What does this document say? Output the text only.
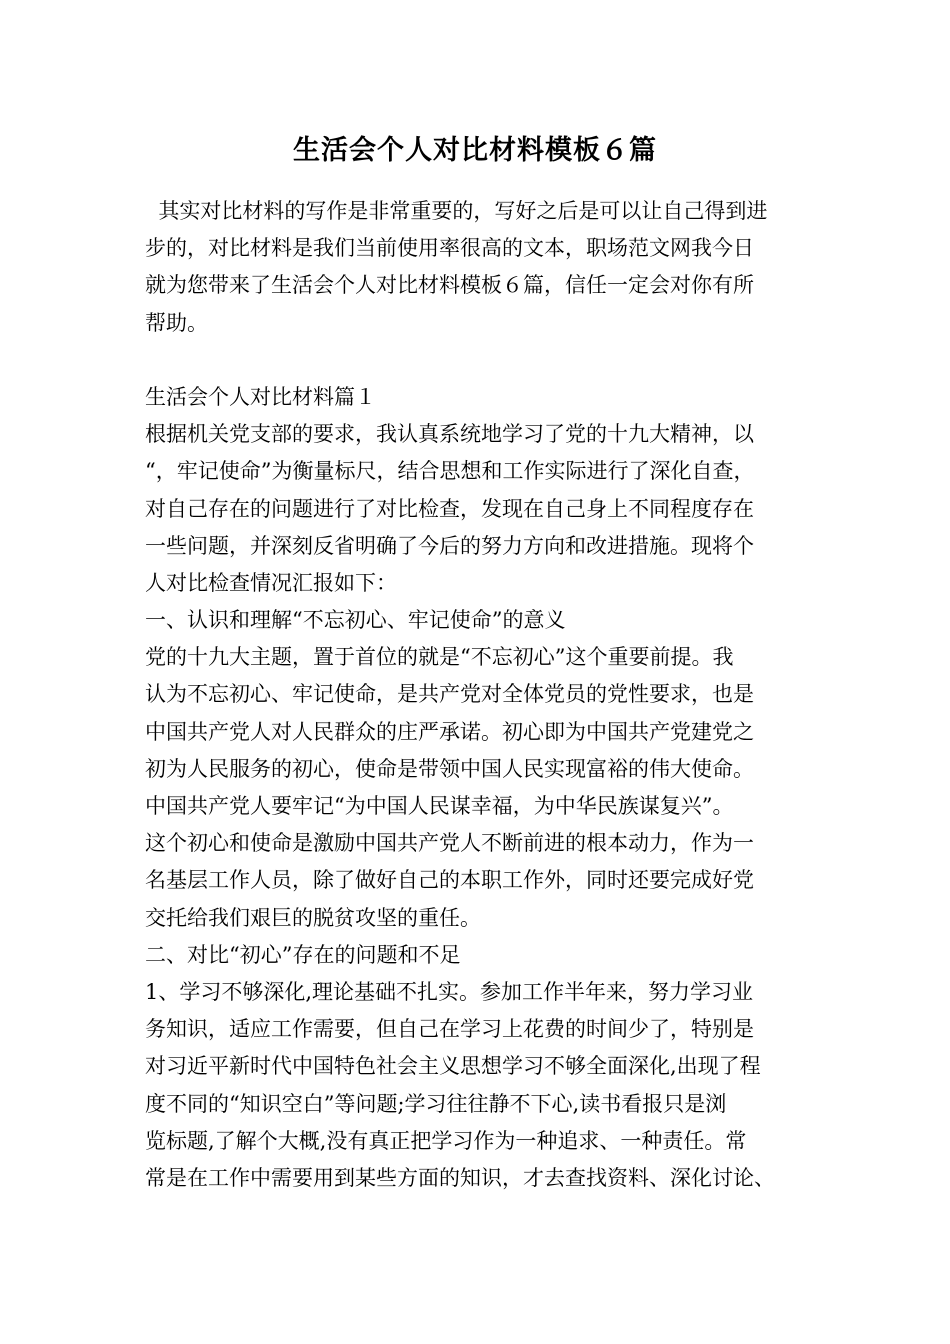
生活会个人对比材料模板６篇
其实对比材料的写作是非常重要的，写好之后是可以让自己得到进
步的，对比材料是我们当前使用率很高的文本，职场范文网我今日
就为您带来了生活会个人对比材料模板６篇，信任一定会对你有所
帮助。
生活会个人对比材料篇１
根据机关党支部的要求，我认真系统地学习了党的十九大精神，以
“，牢记使命”为衡量标尺，结合思想和工作实际进行了深化自查，
对自己存在的问题进行了对比检查，发现在自己身上不同程度存在
一些问题，并深刻反省明确了今后的努力方向和改进措施。现将个
人对比检查情况汇报如下：
一、认识和理解“不忘初心、牢记使命”的意义
党的十九大主题，置于首位的就是“不忘初心”这个重要前提。我
认为不忘初心、牢记使命，是共产党对全体党员的党性要求，也是
中国共产党人对人民群众的庄严承诺。初心即为中国共产党建党之
初为人民服务的初心，使命是带领中国人民实现富裕的伟大使命。
中国共产党人要牢记“为中国人民谋幸福，为中华民族谋复兴”。
这个初心和使命是激励中国共产党人不断前进的根本动力，作为一
名基层工作人员，除了做好自己的本职工作外，同时还要完成好党
交托给我们艰巨的脱贫攻坚的重任。
二、对比“初心”存在的问题和不足
1、学习不够深化,理论基础不扎实。参加工作半年来，努力学习业
务知识，适应工作需要，但自己在学习上花费的时间少了，特别是
对习近平新时代中国特色社会主义思想学习不够全面深化,出现了程
度不同的“知识空白”等问题;学习往往静不下心,读书看报只是浏
览标题,了解个大概,没有真正把学习作为一种追求、一种责任。常
常是在工作中需要用到某些方面的知识，才去查找资料、深化讨论、
